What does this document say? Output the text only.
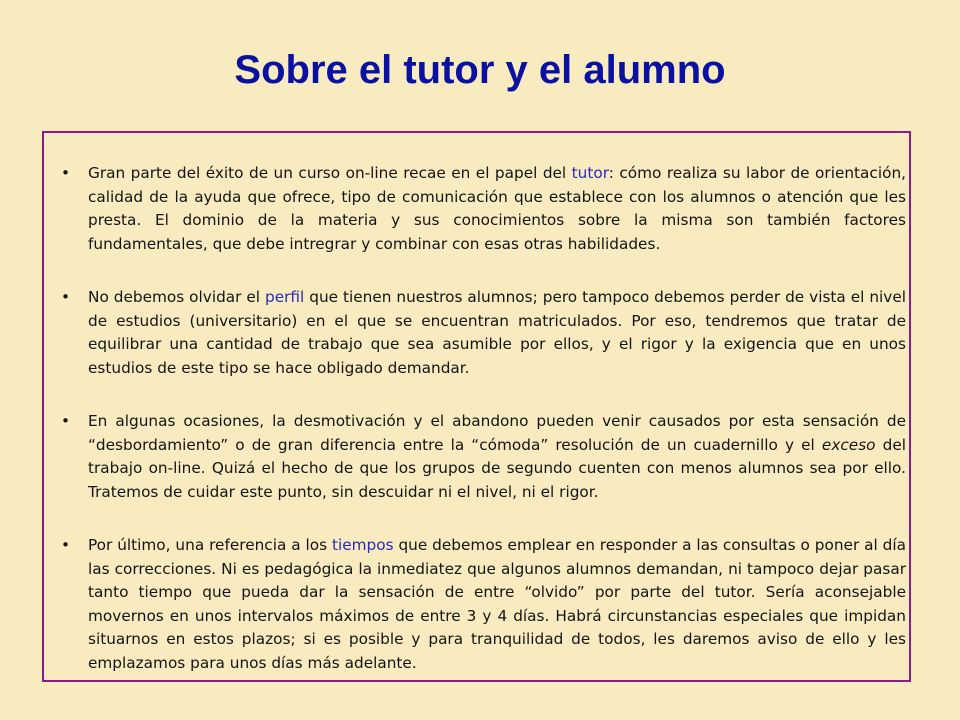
Sobre el tutor y el alumno
• Gran parte del éxito de un curso on-line recae en el papel del tutor: cómo realiza su labor de orientación, calidad de la ayuda que ofrece, tipo de comunicación que establece con los alumnos o atención que les presta. El dominio de la materia y sus conocimientos sobre la misma son también factores fundamentales, que debe intregrar y combinar con esas otras habilidades.
• No debemos olvidar el perfil que tienen nuestros alumnos; pero tampoco debemos perder de vista el nivel de estudios (universitario) en el que se encuentran matriculados. Por eso, tendremos que tratar de equilibrar una cantidad de trabajo que sea asumible por ellos, y el rigor y la exigencia que en unos estudios de este tipo se hace obligado demandar.
• En algunas ocasiones, la desmotivación y el abandono pueden venir causados por esta sensación de “desbordamiento” o de gran diferencia entre la “cómoda” resolución de un cuadernillo y el exceso del trabajo on-line. Quizá el hecho de que los grupos de segundo cuenten con menos alumnos sea por ello. Tratemos de cuidar este punto, sin descuidar ni el nivel, ni el rigor.
• Por último, una referencia a los tiempos que debemos emplear en responder a las consultas o poner al día las correcciones. Ni es pedagógica la inmediatez que algunos alumnos demandan, ni tampoco dejar pasar tanto tiempo que pueda dar la sensación de entre “olvido” por parte del tutor. Sería aconsejable movernos en unos intervalos máximos de entre 3 y 4 días. Habrá circunstancias especiales que impidan situarnos en estos plazos; si es posible y para tranquilidad de todos, les daremos aviso de ello y les emplazamos para unos días más adelante.
